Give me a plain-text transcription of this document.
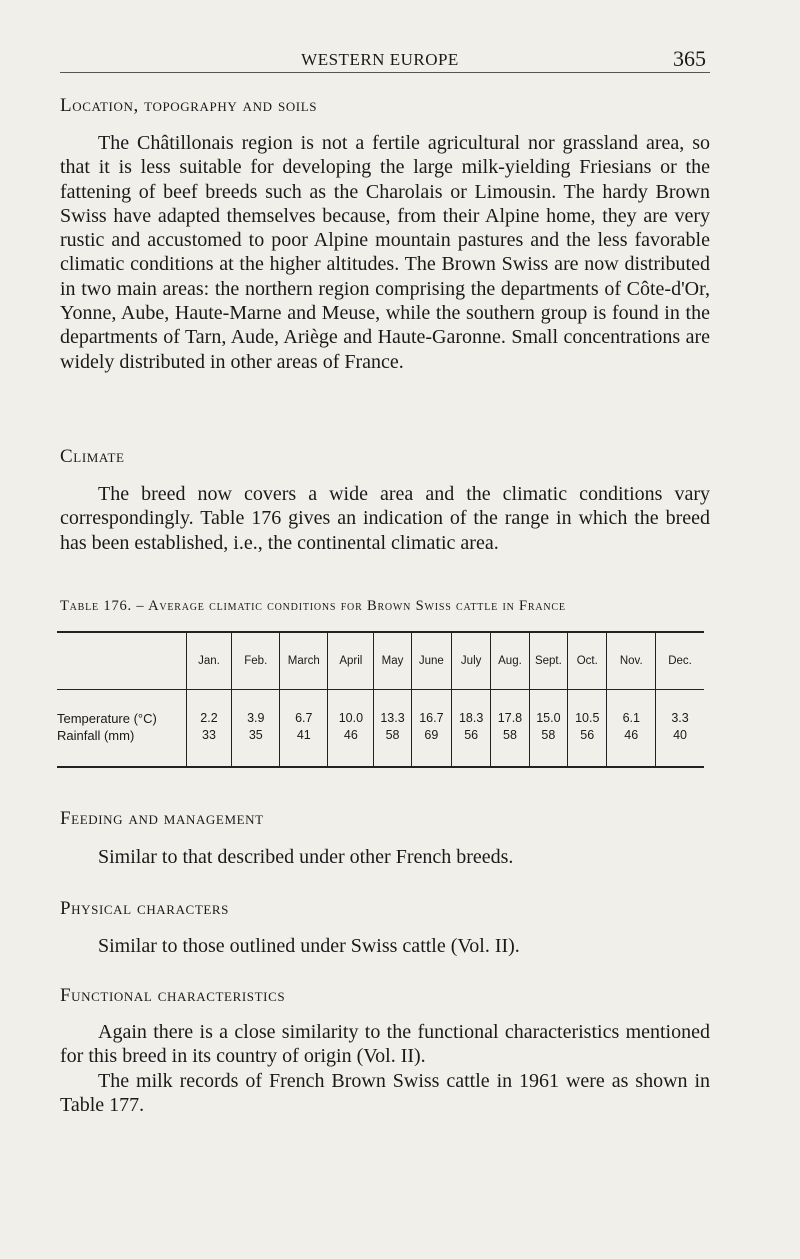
WESTERN EUROPE	365
Location, topography and soils
The Châtillonais region is not a fertile agricultural nor grassland area, so that it is less suitable for developing the large milk-yielding Friesians or the fattening of beef breeds such as the Charolais or Limousin. The hardy Brown Swiss have adapted themselves because, from their Alpine home, they are very rustic and accustomed to poor Alpine mountain pastures and the less favorable climatic conditions at the higher altitudes. The Brown Swiss are now distributed in two main areas: the northern region comprising the departments of Côte-d'Or, Yonne, Aube, Haute-Marne and Meuse, while the southern group is found in the departments of Tarn, Aude, Ariège and Haute-Garonne. Small concentrations are widely distributed in other areas of France.
Climate
The breed now covers a wide area and the climatic conditions vary correspondingly. Table 176 gives an indication of the range in which the breed has been established, i.e., the continental climatic area.
Table 176. – Average climatic conditions for Brown Swiss cattle in France
	Jan.	Feb.	March	April	May	June	July	Aug.	Sept.	Oct.	Nov.	Dec.
Temperature (°C)	2.2	3.9	6.7	10.0	13.3	16.7	18.3	17.8	15.0	10.5	6.1	3.3
Rainfall (mm)	33	35	41	46	58	69	56	58	58	56	46	40
Feeding and management
Similar to that described under other French breeds.
Physical characters
Similar to those outlined under Swiss cattle (Vol. II).
Functional characteristics
Again there is a close similarity to the functional characteristics mentioned for this breed in its country of origin (Vol. II).
The milk records of French Brown Swiss cattle in 1961 were as shown in Table 177.
